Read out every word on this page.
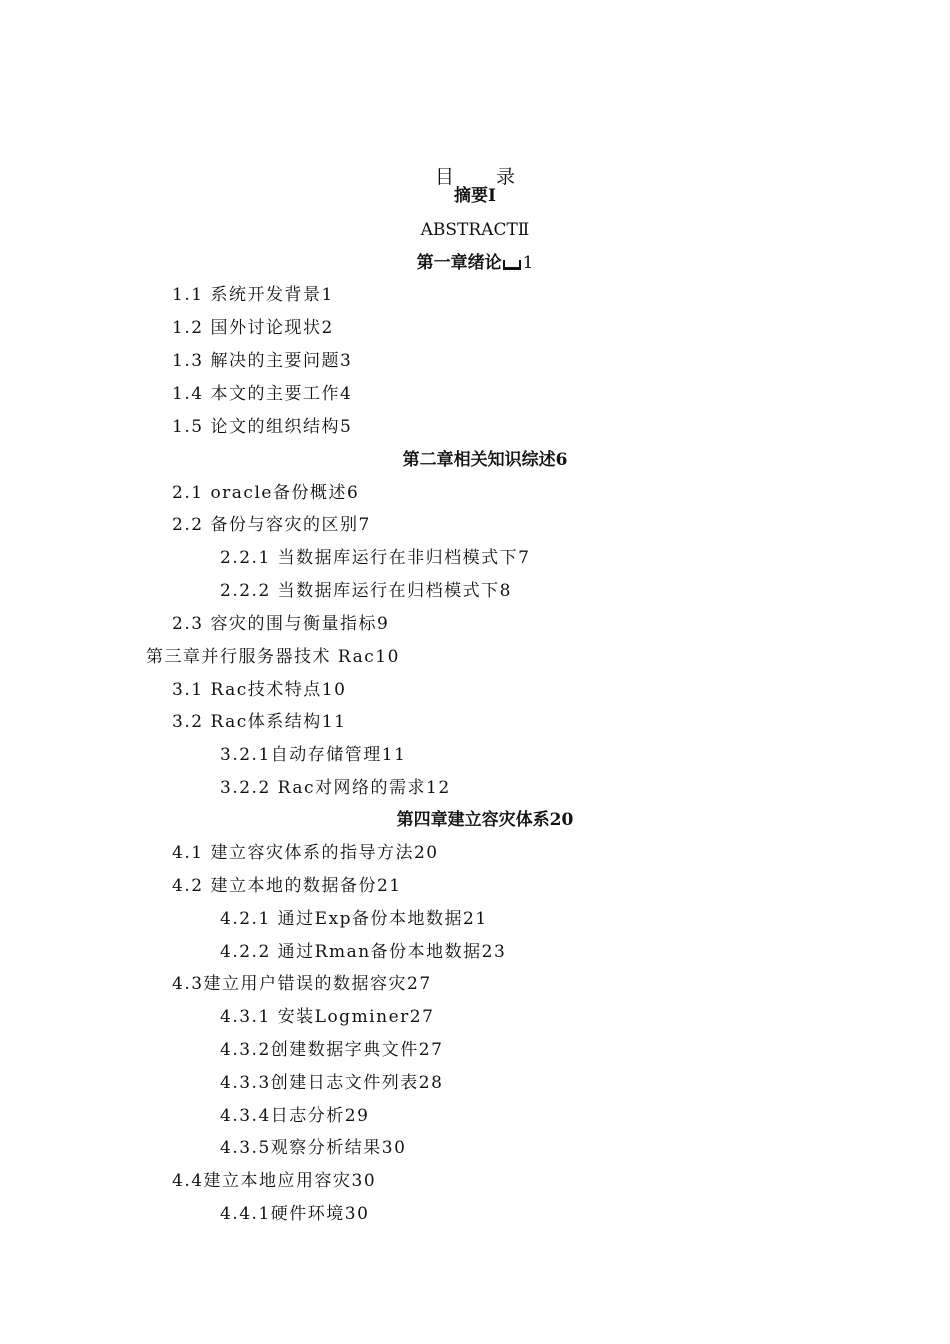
目 录
摘要Ⅰ
ABSTRACTⅡ
第一章绪论 1
1.1 系统开发背景1
1.2 国外讨论现状2
1.3 解决的主要问题3
1.4 本文的主要工作4
1.5 论文的组织结构5
第二章相关知识综述6
2.1 oracle备份概述6
2.2 备份与容灾的区别7
2.2.1 当数据库运行在非归档模式下7
2.2.2 当数据库运行在归档模式下8
2.3 容灾的围与衡量指标9
第三章并行服务器技术 Rac10
3.1 Rac技术特点10
3.2 Rac体系结构11
3.2.1自动存储管理11
3.2.2 Rac对网络的需求12
第四章建立容灾体系20
4.1 建立容灾体系的指导方法20
4.2 建立本地的数据备份21
4.2.1 通过Exp备份本地数据21
4.2.2 通过Rman备份本地数据23
4.3建立用户错误的数据容灾27
4.3.1 安装Logminer27
4.3.2创建数据字典文件27
4.3.3创建日志文件列表28
4.3.4日志分析29
4.3.5观察分析结果30
4.4建立本地应用容灾30
4.4.1硬件环境30
